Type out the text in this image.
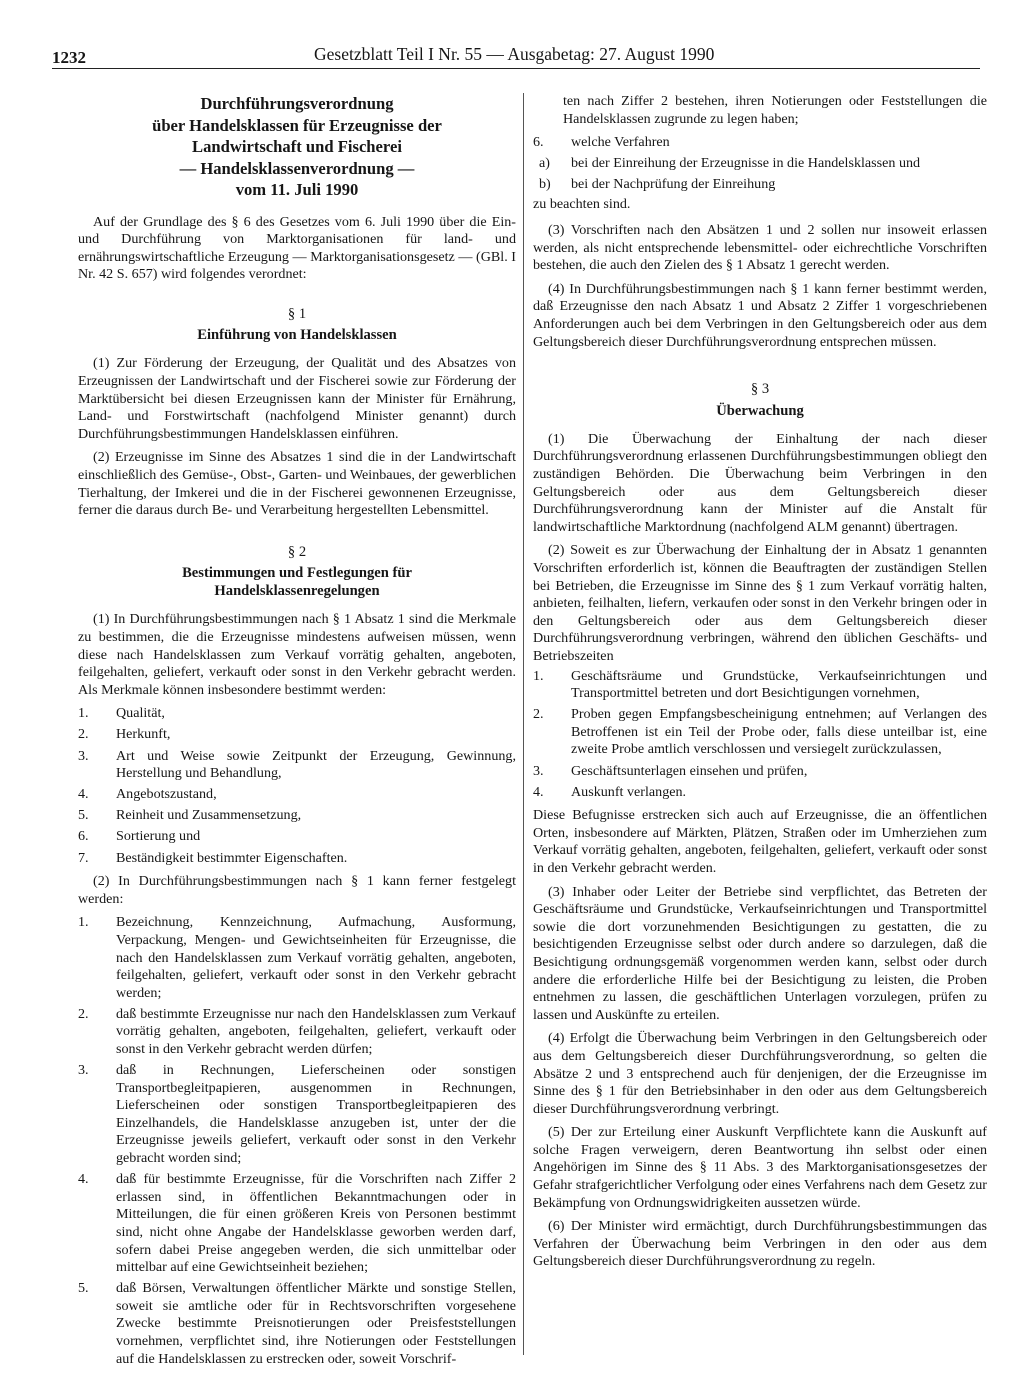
1232	Gesetzblatt Teil I Nr. 55 — Ausgabetag: 27. August 1990
Durchführungsverordnung
über Handelsklassen für Erzeugnisse der
Landwirtschaft und Fischerei
— Handelsklassenverordnung —
vom 11. Juli 1990

Auf der Grundlage des § 6 des Gesetzes vom 6. Juli 1990 über die Ein- und Durchführung von Marktorganisationen für land- und ernährungswirtschaftliche Erzeugung — Marktorganisationsgesetz — (GBl. I Nr. 42 S. 657) wird folgendes verordnet:

§ 1
Einführung von Handelsklassen

(1) Zur Förderung der Erzeugung, der Qualität und des Absatzes von Erzeugnissen der Landwirtschaft und der Fischerei sowie zur Förderung der Marktübersicht bei diesen Erzeugnissen kann der Minister für Ernährung, Land- und Forstwirtschaft (nachfolgend Minister genannt) durch Durchführungsbestimmungen Handelsklassen einführen.

(2) Erzeugnisse im Sinne des Absatzes 1 sind die in der Landwirtschaft einschließlich des Gemüse-, Obst-, Garten- und Weinbaues, der gewerblichen Tierhaltung, der Imkerei und die in der Fischerei gewonnenen Erzeugnisse, ferner die daraus durch Be- und Verarbeitung hergestellten Lebensmittel.

§ 2
Bestimmungen und Festlegungen für
Handelsklassenregelungen

(1) In Durchführungsbestimmungen nach § 1 Absatz 1 sind die Merkmale zu bestimmen, die die Erzeugnisse mindestens aufweisen müssen, wenn diese nach Handelsklassen zum Verkauf vorrätig gehalten, angeboten, feilgehalten, geliefert, verkauft oder sonst in den Verkehr gebracht werden. Als Merkmale können insbesondere bestimmt werden:

1.	Qualität,
2.	Herkunft,
3.	Art und Weise sowie Zeitpunkt der Erzeugung, Gewinnung, Herstellung und Behandlung,
4.	Angebotszustand,
5.	Reinheit und Zusammensetzung,
6.	Sortierung und
7.	Beständigkeit bestimmter Eigenschaften.

(2) In Durchführungsbestimmungen nach § 1 kann ferner festgelegt werden:

1.	Bezeichnung, Kennzeichnung, Aufmachung, Ausformung, Verpackung, Mengen- und Gewichtseinheiten für Erzeugnisse, die nach den Handelsklassen zum Verkauf vorrätig gehalten, angeboten, feilgehalten, geliefert, verkauft oder sonst in den Verkehr gebracht werden;
2.	daß bestimmte Erzeugnisse nur nach den Handelsklassen zum Verkauf vorrätig gehalten, angeboten, feilgehalten, geliefert, verkauft oder sonst in den Verkehr gebracht werden dürfen;
3.	daß in Rechnungen, Lieferscheinen oder sonstigen Transportbegleitpapieren, ausgenommen in Rechnungen, Lieferscheinen oder sonstigen Transportbegleitpapieren des Einzelhandels, die Handelsklasse anzugeben ist, unter der die Erzeugnisse jeweils geliefert, verkauft oder sonst in den Verkehr gebracht worden sind;
4.	daß für bestimmte Erzeugnisse, für die Vorschriften nach Ziffer 2 erlassen sind, in öffentlichen Bekanntmachungen oder in Mitteilungen, die für einen größeren Kreis von Personen bestimmt sind, nicht ohne Angabe der Handelsklasse geworben werden darf, sofern dabei Preise angegeben werden, die sich unmittelbar oder mittelbar auf eine Gewichtseinheit beziehen;
5.	daß Börsen, Verwaltungen öffentlicher Märkte und sonstige Stellen, soweit sie amtliche oder für in Rechtsvorschriften vorgesehene Zwecke bestimmte Preisnotierungen oder Preisfeststellungen vornehmen, verpflichtet sind, ihre Notierungen oder Feststellungen auf die Handelsklassen zu erstrecken oder, soweit Vorschrif-

ten nach Ziffer 2 bestehen, ihren Notierungen oder Feststellungen die Handelsklassen zugrunde zu legen haben;

6.	welche Verfahren
a)	bei der Einreihung der Erzeugnisse in die Handelsklassen und
b)	bei der Nachprüfung der Einreihung

zu beachten sind.

(3) Vorschriften nach den Absätzen 1 und 2 sollen nur insoweit erlassen werden, als nicht entsprechende lebensmittel- oder eichrechtliche Vorschriften bestehen, die auch den Zielen des § 1 Absatz 1 gerecht werden.

(4) In Durchführungsbestimmungen nach § 1 kann ferner bestimmt werden, daß Erzeugnisse den nach Absatz 1 und Absatz 2 Ziffer 1 vorgeschriebenen Anforderungen auch bei dem Verbringen in den Geltungsbereich oder aus dem Geltungsbereich dieser Durchführungsverordnung entsprechen müssen.

§ 3
Überwachung

(1) Die Überwachung der Einhaltung der nach dieser Durchführungsverordnung erlassenen Durchführungsbestimmungen obliegt den zuständigen Behörden. Die Überwachung beim Verbringen in den Geltungsbereich oder aus dem Geltungsbereich dieser Durchführungsverordnung kann der Minister auf die Anstalt für landwirtschaftliche Marktordnung (nachfolgend ALM genannt) übertragen.

(2) Soweit es zur Überwachung der Einhaltung der in Absatz 1 genannten Vorschriften erforderlich ist, können die Beauftragten der zuständigen Stellen bei Betrieben, die Erzeugnisse im Sinne des § 1 zum Verkauf vorrätig halten, anbieten, feilhalten, liefern, verkaufen oder sonst in den Verkehr bringen oder in den Geltungsbereich oder aus dem Geltungsbereich dieser Durchführungsverordnung verbringen, während den üblichen Geschäfts- und Betriebszeiten

1.	Geschäftsräume und Grundstücke, Verkaufseinrichtungen und Transportmittel betreten und dort Besichtigungen vornehmen,
2.	Proben gegen Empfangsbescheinigung entnehmen; auf Verlangen des Betroffenen ist ein Teil der Probe oder, falls diese unteilbar ist, eine zweite Probe amtlich verschlossen und versiegelt zurückzulassen,
3.	Geschäftsunterlagen einsehen und prüfen,
4.	Auskunft verlangen.

Diese Befugnisse erstrecken sich auch auf Erzeugnisse, die an öffentlichen Orten, insbesondere auf Märkten, Plätzen, Straßen oder im Umherziehen zum Verkauf vorrätig gehalten, angeboten, feilgehalten, geliefert, verkauft oder sonst in den Verkehr gebracht werden.

(3) Inhaber oder Leiter der Betriebe sind verpflichtet, das Betreten der Geschäftsräume und Grundstücke, Verkaufseinrichtungen und Transportmittel sowie die dort vorzunehmenden Besichtigungen zu gestatten, die zu besichtigenden Erzeugnisse selbst oder durch andere so darzulegen, daß die Besichtigung ordnungsgemäß vorgenommen werden kann, selbst oder durch andere die erforderliche Hilfe bei der Besichtigung zu leisten, die Proben entnehmen zu lassen, die geschäftlichen Unterlagen vorzulegen, prüfen zu lassen und Auskünfte zu erteilen.

(4) Erfolgt die Überwachung beim Verbringen in den Geltungsbereich oder aus dem Geltungsbereich dieser Durchführungsverordnung, so gelten die Absätze 2 und 3 entsprechend auch für denjenigen, der die Erzeugnisse im Sinne des § 1 für den Betriebsinhaber in den oder aus dem Geltungsbereich dieser Durchführungsverordnung verbringt.

(5) Der zur Erteilung einer Auskunft Verpflichtete kann die Auskunft auf solche Fragen verweigern, deren Beantwortung ihn selbst oder einen Angehörigen im Sinne des § 11 Abs. 3 des Marktorganisationsgesetzes der Gefahr strafgerichtlicher Verfolgung oder eines Verfahrens nach dem Gesetz zur Bekämpfung von Ordnungswidrigkeiten aussetzen würde.

(6) Der Minister wird ermächtigt, durch Durchführungsbestimmungen das Verfahren der Überwachung beim Verbringen in den oder aus dem Geltungsbereich dieser Durchführungsverordnung zu regeln.
